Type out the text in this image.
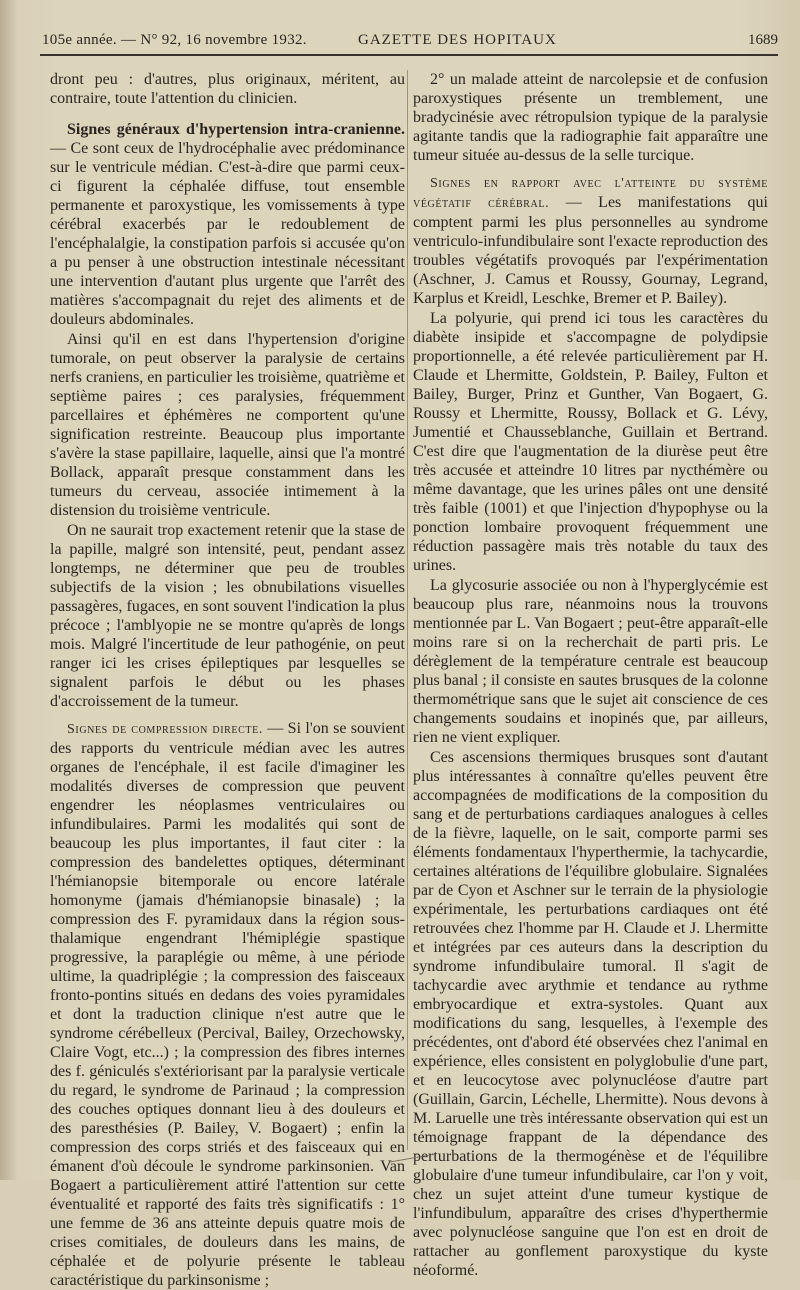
105e année. — N° 92, 16 novembre 1932.	GAZETTE DES HOPITAUX	1689

dront peu : d'autres, plus originaux, méritent, au contraire, toute l'attention du clinicien.

Signes généraux d'hypertension intra-cranienne. — Ce sont ceux de l'hydrocéphalie avec prédominance sur le ventricule médian. C'est-à-dire que parmi ceux-ci figurent la céphalée diffuse, tout ensemble permanente et paroxystique, les vomissements à type cérébral exacerbés par le redoublement de l'encéphalalgie, la constipation parfois si accusée qu'on a pu penser à une obstruction intestinale nécessitant une intervention d'autant plus urgente que l'arrêt des matières s'accompagnait du rejet des aliments et de douleurs abdominales.

Ainsi qu'il en est dans l'hypertension d'origine tumorale, on peut observer la paralysie de certains nerfs craniens, en particulier les troisième, quatrième et septième paires ; ces paralysies, fréquemment parcellaires et éphémères ne comportent qu'une signification restreinte. Beaucoup plus importante s'avère la stase papillaire, laquelle, ainsi que l'a montré Bollack, apparaît presque constamment dans les tumeurs du cerveau, associée intimement à la distension du troisième ventricule.

On ne saurait trop exactement retenir que la stase de la papille, malgré son intensité, peut, pendant assez longtemps, ne déterminer que peu de troubles subjectifs de la vision ; les obnubilations visuelles passagères, fugaces, en sont souvent l'indication la plus précoce ; l'amblyopie ne se montre qu'après de longs mois. Malgré l'incertitude de leur pathogénie, on peut ranger ici les crises épileptiques par lesquelles se signalent parfois le début ou les phases d'accroissement de la tumeur.

Signes de compression directe. — Si l'on se souvient des rapports du ventricule médian avec les autres organes de l'encéphale, il est facile d'imaginer les modalités diverses de compression que peuvent engendrer les néoplasmes ventriculaires ou infundibulaires. Parmi les modalités qui sont de beaucoup les plus importantes, il faut citer : la compression des bandelettes optiques, déterminant l'hémianopsie bitemporale ou encore latérale homonyme (jamais d'hémianopsie binasale) ; la compression des F. pyramidaux dans la région sous-thalamique engendrant l'hémiplégie spastique progressive, la paraplégie ou même, à une période ultime, la quadriplégie ; la compression des faisceaux fronto-pontins situés en dedans des voies pyramidales et dont la traduction clinique n'est autre que le syndrome cérébelleux (Percival, Bailey, Orzechowsky, Claire Vogt, etc...) ; la compression des fibres internes des f. géniculés s'extériorisant par la paralysie verticale du regard, le syndrome de Parinaud ; la compression des couches optiques donnant lieu à des douleurs et des paresthésies (P. Bailey, V. Bogaert) ; enfin la compression des corps striés et des faisceaux qui en émanent d'où découle le syndrome parkinsonien. Van Bogaert a particulièrement attiré l'attention sur cette éventualité et rapporté des faits très significatifs : 1° une femme de 36 ans atteinte depuis quatre mois de crises comitiales, de douleurs dans les mains, de céphalée et de polyurie présente le tableau caractéristique du parkinsonisme ;

2° un malade atteint de narcolepsie et de confusion paroxystiques présente un tremblement, une bradycinésie avec rétropulsion typique de la paralysie agitante tandis que la radiographie fait apparaître une tumeur située au-dessus de la selle turcique.

Signes en rapport avec l'atteinte du système végétatif cérébral. — Les manifestations qui comptent parmi les plus personnelles au syndrome ventriculo-infundibulaire sont l'exacte reproduction des troubles végétatifs provoqués par l'expérimentation (Aschner, J. Camus et Roussy, Gournay, Legrand, Karplus et Kreidl, Leschke, Bremer et P. Bailey).

La polyurie, qui prend ici tous les caractères du diabète insipide et s'accompagne de polydipsie proportionnelle, a été relevée particulièrement par H. Claude et Lhermitte, Goldstein, P. Bailey, Fulton et Bailey, Burger, Prinz et Gunther, Van Bogaert, G. Roussy et Lhermitte, Roussy, Bollack et G. Lévy, Jumentié et Chausseblanche, Guillain et Bertrand. C'est dire que l'augmentation de la diurèse peut être très accusée et atteindre 10 litres par nycthémère ou même davantage, que les urines pâles ont une densité très faible (1001) et que l'injection d'hypophyse ou la ponction lombaire provoquent fréquemment une réduction passagère mais très notable du taux des urines.

La glycosurie associée ou non à l'hyperglycémie est beaucoup plus rare, néanmoins nous la trouvons mentionnée par L. Van Bogaert ; peut-être apparaît-elle moins rare si on la recherchait de parti pris. Le dérèglement de la température centrale est beaucoup plus banal ; il consiste en sautes brusques de la colonne thermométrique sans que le sujet ait conscience de ces changements soudains et inopinés que, par ailleurs, rien ne vient expliquer.

Ces ascensions thermiques brusques sont d'autant plus intéressantes à connaître qu'elles peuvent être accompagnées de modifications de la composition du sang et de perturbations cardiaques analogues à celles de la fièvre, laquelle, on le sait, comporte parmi ses éléments fondamentaux l'hyperthermie, la tachycardie, certaines altérations de l'équilibre globulaire. Signalées par de Cyon et Aschner sur le terrain de la physiologie expérimentale, les perturbations cardiaques ont été retrouvées chez l'homme par H. Claude et J. Lhermitte et intégrées par ces auteurs dans la description du syndrome infundibulaire tumoral. Il s'agit de tachycardie avec arythmie et tendance au rythme embryocardique et extra-systoles. Quant aux modifications du sang, lesquelles, à l'exemple des précédentes, ont d'abord été observées chez l'animal en expérience, elles consistent en polyglobulie d'une part, et en leucocytose avec polynucléose d'autre part (Guillain, Garcin, Léchelle, Lhermitte). Nous devons à M. Laruelle une très intéressante observation qui est un témoignage frappant de la dépendance des perturbations de la thermogénèse et de l'équilibre globulaire d'une tumeur infundibulaire, car l'on y voit, chez un sujet atteint d'une tumeur kystique de l'infundibulum, apparaître des crises d'hyperthermie avec polynucléose sanguine que l'on est en droit de rattacher au gonflement paroxystique du kyste néoformé.
